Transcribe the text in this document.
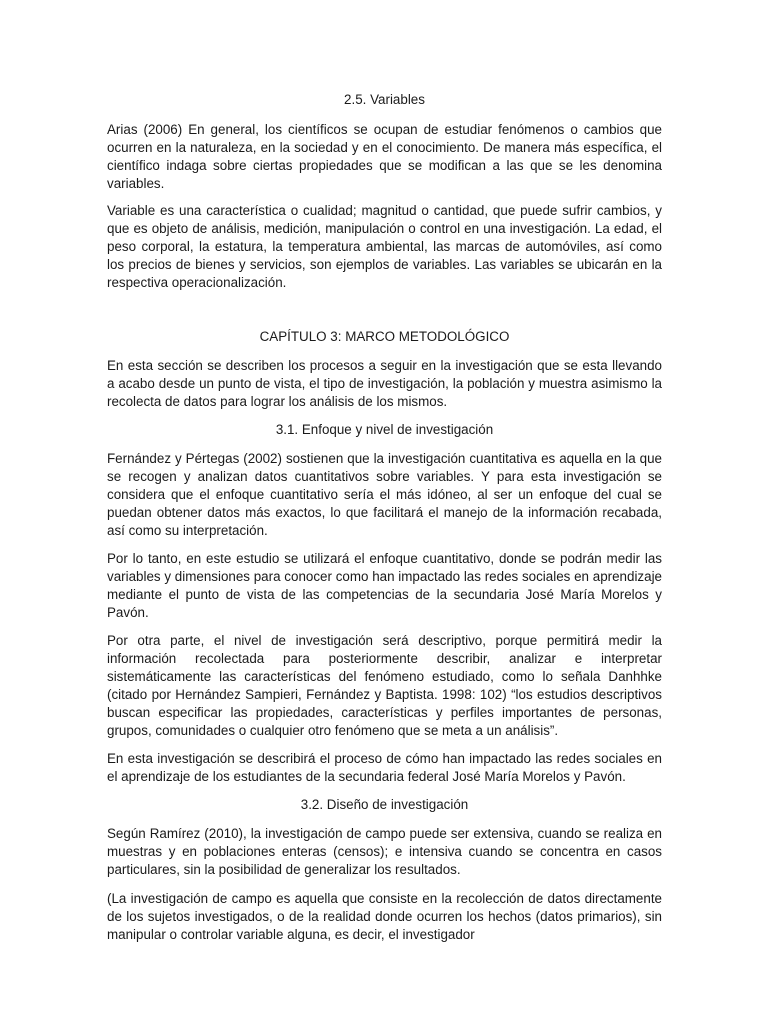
2.5. Variables

Arias (2006) En general, los científicos se ocupan de estudiar fenómenos o cambios que ocurren en la naturaleza, en la sociedad y en el conocimiento. De manera más específica, el científico indaga sobre ciertas propiedades que se modifican a las que se les denomina variables.

Variable es una característica o cualidad; magnitud o cantidad, que puede sufrir cambios, y que es objeto de análisis, medición, manipulación o control en una investigación. La edad, el peso corporal, la estatura, la temperatura ambiental, las marcas de automóviles, así como los precios de bienes y servicios, son ejemplos de variables. Las variables se ubicarán en la respectiva operacionalización.

CAPÍTULO 3: MARCO METODOLÓGICO

En esta sección se describen los procesos a seguir en la investigación que se esta llevando a acabo desde un punto de vista, el tipo de investigación, la población y muestra asimismo la recolecta de datos para lograr los análisis de los mismos.

3.1. Enfoque y nivel de investigación

Fernández y Pértegas (2002) sostienen que la investigación cuantitativa es aquella en la que se recogen y analizan datos cuantitativos sobre variables. Y para esta investigación se considera que el enfoque cuantitativo sería el más idóneo, al ser un enfoque del cual se puedan obtener datos más exactos, lo que facilitará el manejo de la información recabada, así como su interpretación.

Por lo tanto, en este estudio se utilizará el enfoque cuantitativo, donde se podrán medir las variables y dimensiones para conocer como han impactado las redes sociales en aprendizaje mediante el punto de vista de las competencias de la secundaria José María Morelos y Pavón.

Por otra parte, el nivel de investigación será descriptivo, porque permitirá medir la información recolectada para posteriormente describir, analizar e interpretar sistemáticamente las características del fenómeno estudiado, como lo señala Danhhke (citado por Hernández Sampieri, Fernández y Baptista. 1998: 102) “los estudios descriptivos buscan especificar las propiedades, características y perfiles importantes de personas, grupos, comunidades o cualquier otro fenómeno que se meta a un análisis”.

En esta investigación se describirá el proceso de cómo han impactado las redes sociales en el aprendizaje de los estudiantes de la secundaria federal José María Morelos y Pavón.

3.2. Diseño de investigación

Según Ramírez (2010), la investigación de campo puede ser extensiva, cuando se realiza en muestras y en poblaciones enteras (censos); e intensiva cuando se concentra en casos particulares, sin la posibilidad de generalizar los resultados.

(La investigación de campo es aquella que consiste en la recolección de datos directamente de los sujetos investigados, o de la realidad donde ocurren los hechos (datos primarios), sin manipular o controlar variable alguna, es decir, el investigador
